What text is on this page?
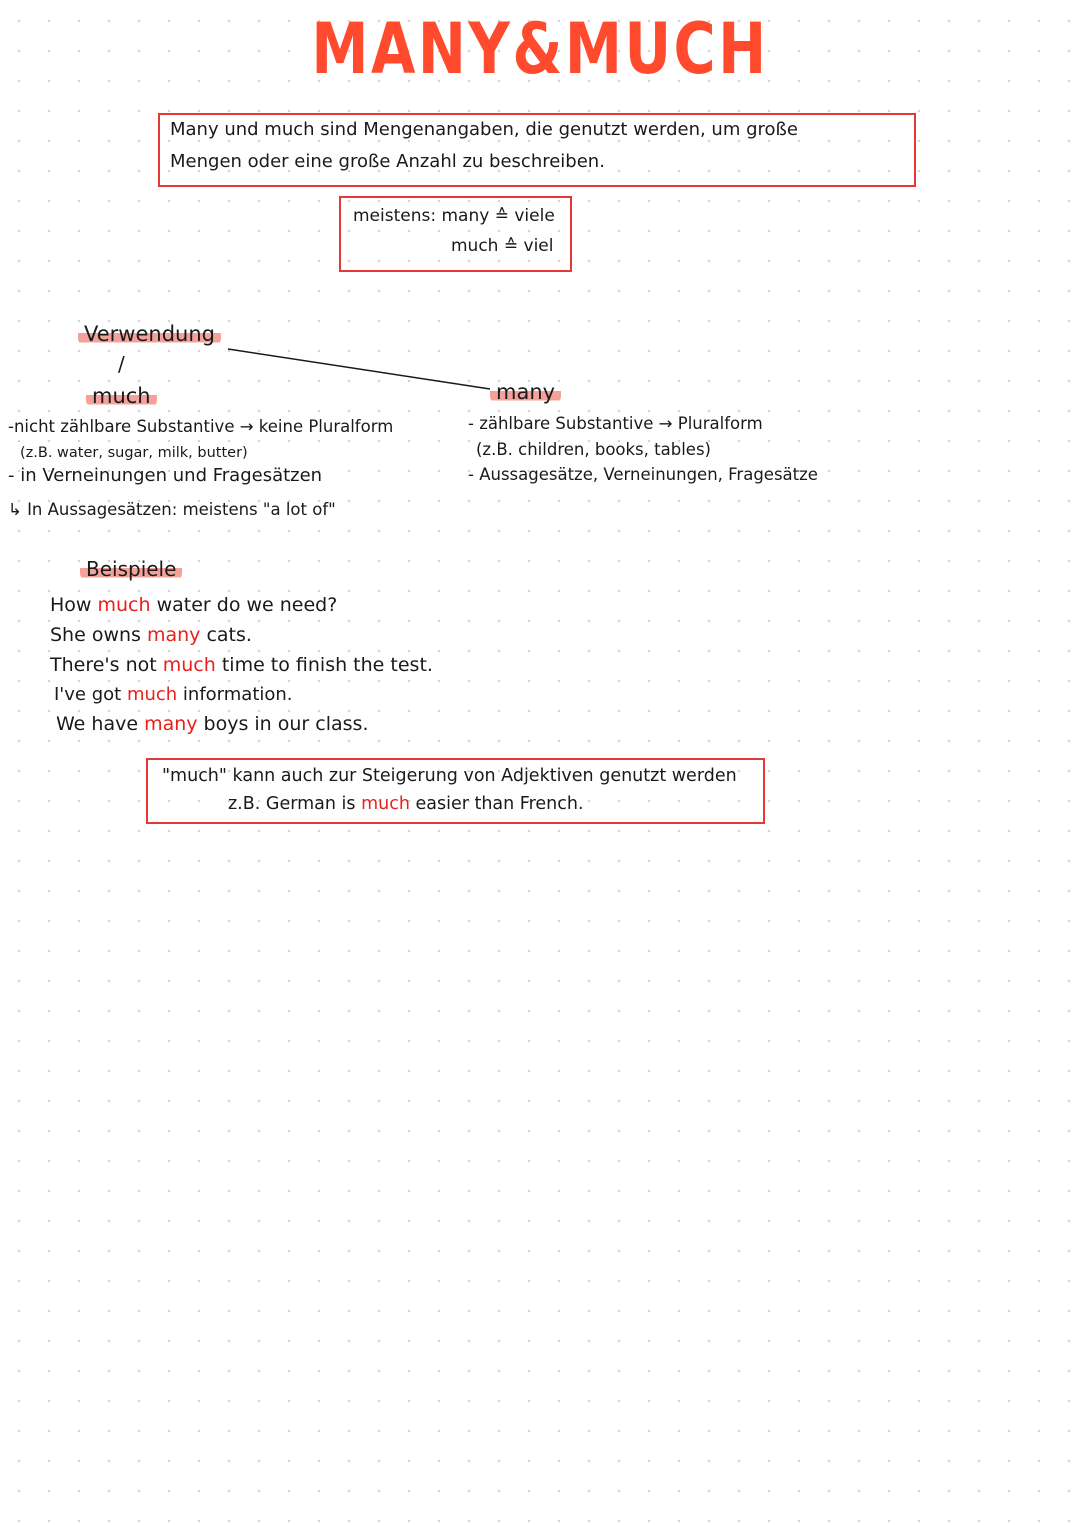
MANY&MUCH
Many und much sind Mengenangaben, die genutzt werden, um große
Mengen oder eine große Anzahl zu beschreiben.
meistens: many ≙ viele
much ≙ viel
Verwendung
/
much
-nicht zählbare Substantive → keine Pluralform
(z.B. water, sugar, milk, butter)
- in Verneinungen und Fragesätzen
↳ In Aussagesätzen: meistens "a lot of"
many
- zählbare Substantive → Pluralform
(z.B. children, books, tables)
- Aussagesätze, Verneinungen, Fragesätze
Beispiele
How much water do we need?
She owns many cats.
There's not much time to finish the test.
I've got much information.
We have many boys in our class.
"much" kann auch zur Steigerung von Adjektiven genutzt werden
z.B. German is much easier than French.
